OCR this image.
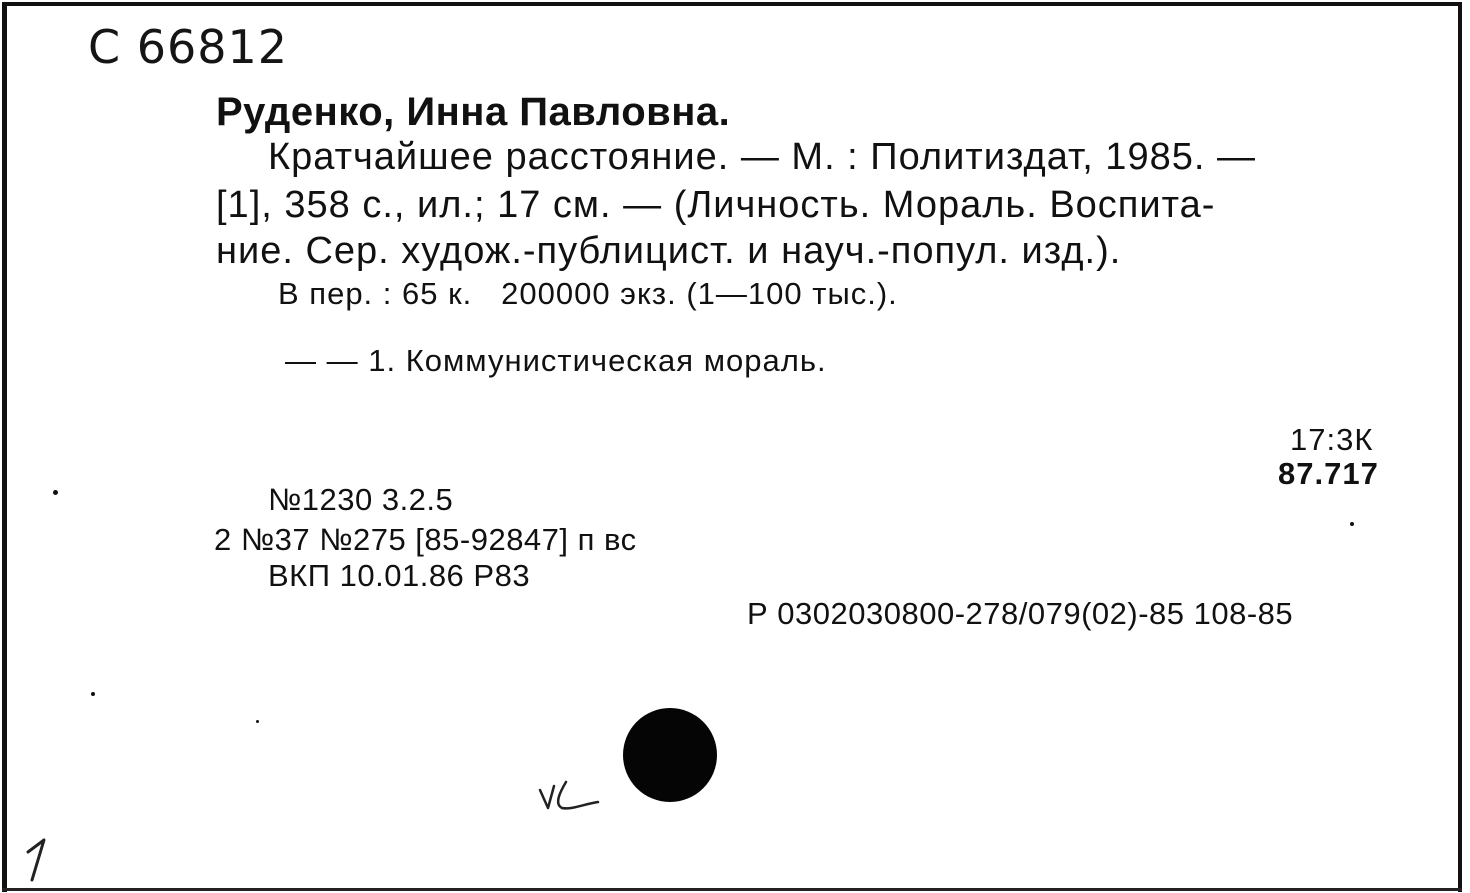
С 66812
Руденко, Инна Павловна.
Кратчайшее расстояние. — М. : Политиздат, 1985. —
[1], 358 с., ил.; 17 см. — (Личность. Мораль. Воспита-
ние. Сер. худож.-публицист. и науч.-попул. изд.).
В пер. : 65 к.   200000 экз. (1—100 тыс.).
— — 1. Коммунистическая мораль.
17:3К
87.717
№1230 3.2.5
2 №37 №275 [85-92847] п вс
ВКП 10.01.86 Р83
Р 0302030800-278/079(02)-85 108-85
